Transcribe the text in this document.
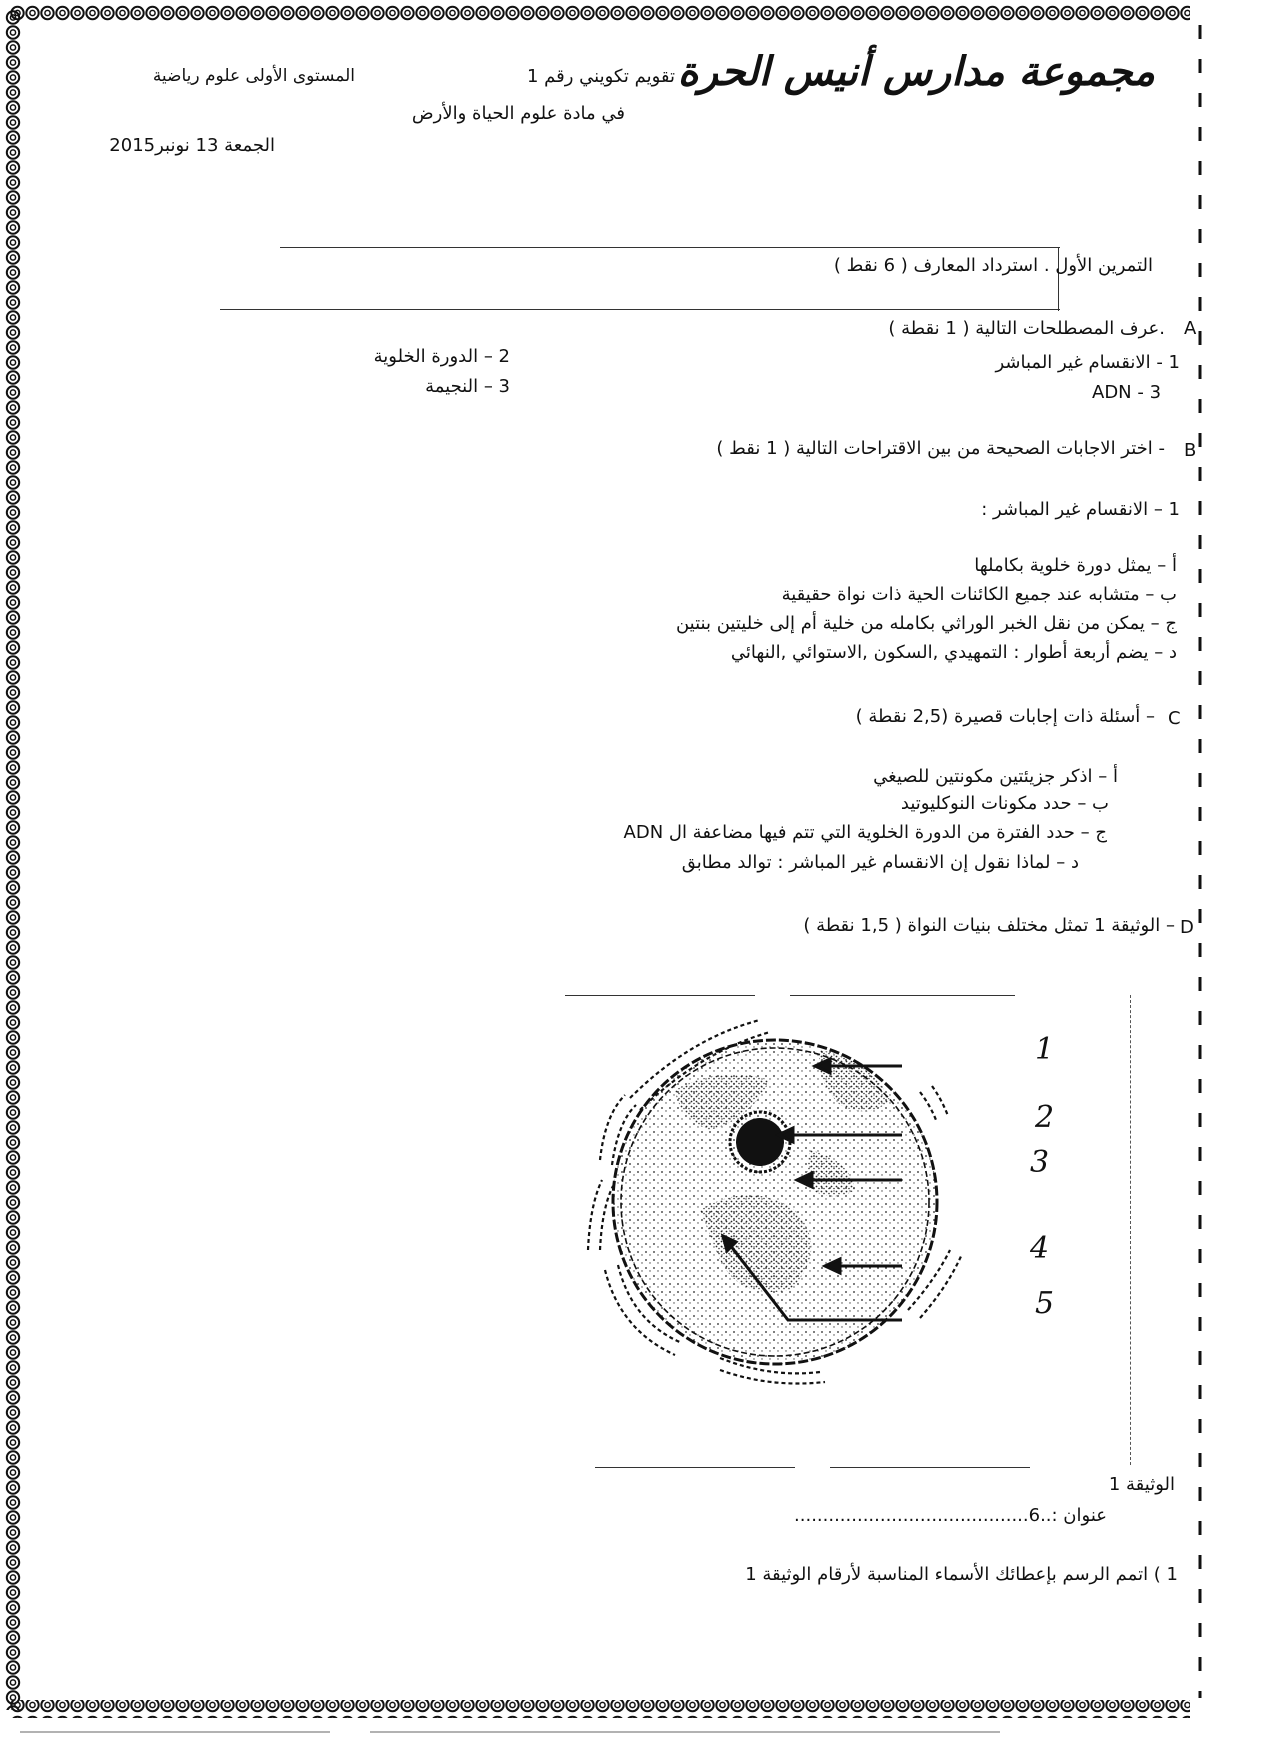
مجموعة مدارس أنيس الحرة
تقويم تكويني رقم 1
في مادة علوم الحياة والأرض
المستوى الأولى علوم رياضية
الجمعة 13 نونبر2015
التمرين الأول . استرداد المعارف ( 6 نقط )
A
.عرف المصطلحات التالية ( 1 نقطة )
1 - الانقسام غير المباشر
2 – الدورة الخلوية
ADN - 3
3 – النجيمة
B
- اختر الاجابات الصحيحة من بين الاقتراحات التالية ( 1 نقط )
1 – الانقسام غير المباشر :
أ – يمثل دورة خلوية بكاملها
ب – متشابه عند جميع الكائنات الحية ذات نواة حقيقية
ج – يمكن من نقل الخبر الوراثي بكامله من خلية أم إلى خليتين بنتين
د – يضم أربعة أطوار : التمهيدي ,السكون ,الاستوائي ,النهائي
C
– أسئلة ذات إجابات قصيرة (2,5 نقطة )
أ – اذكر جزيئتين مكونتين للصيغي
ب – حدد مكونات النوكليوتيد
ج – حدد الفترة من الدورة الخلوية التي تتم فيها مضاعفة ال ADN
د – لماذا نقول إن الانقسام غير المباشر : توالد مطابق
D
– الوثيقة 1 تمثل مختلف بنيات النواة ( 1,5 نقطة )
1
2
3
4
5
الوثيقة 1
عنوان :..6.........................................
1 ) اتمم الرسم بإعطائك الأسماء المناسبة لأرقام الوثيقة 1
